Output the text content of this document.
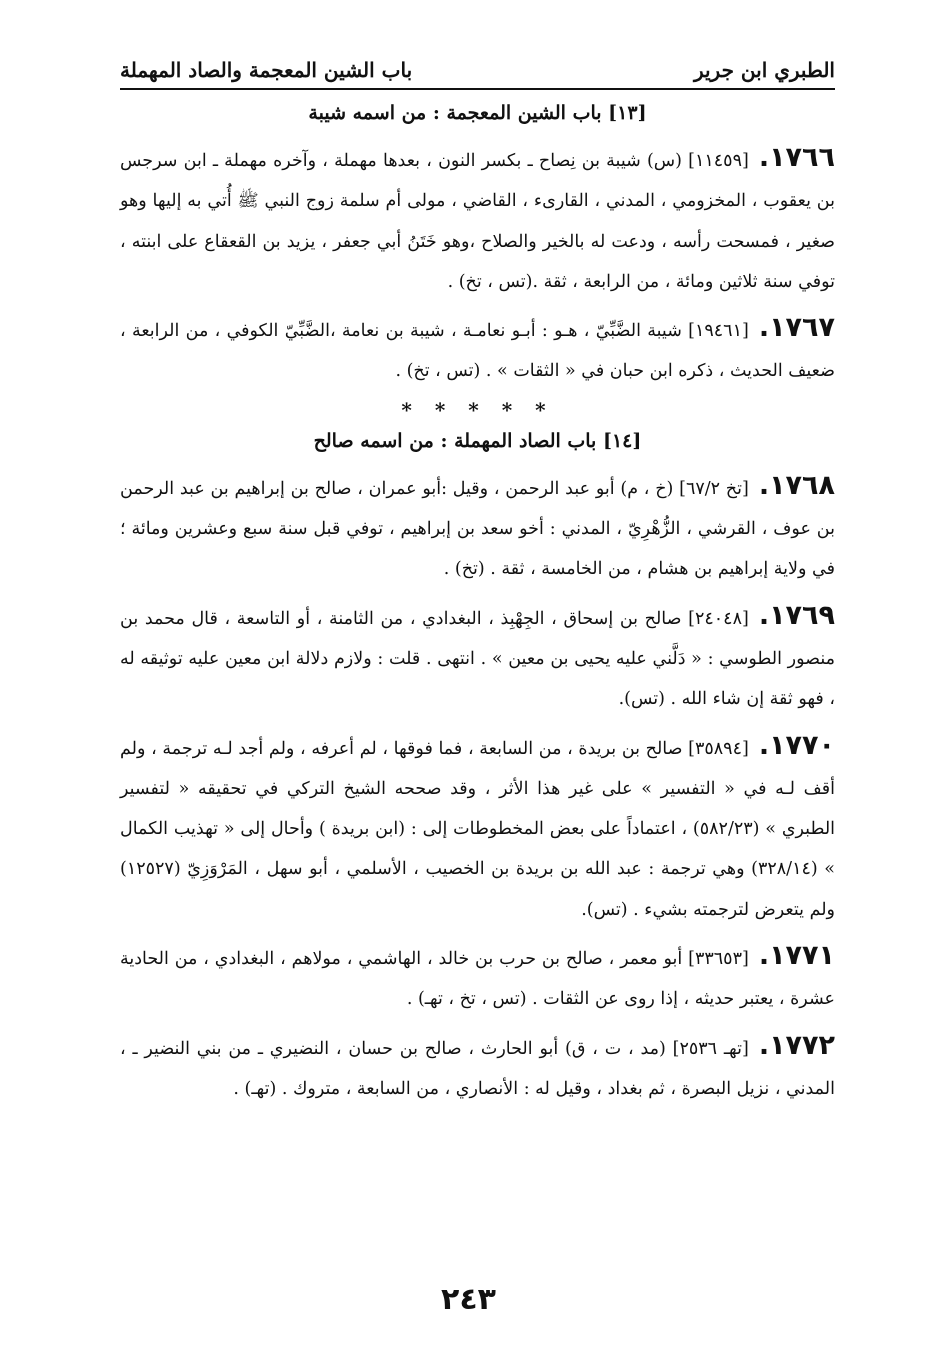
الطبري ابن جرير
باب الشين المعجمة والصاد المهملة
[١٣] باب الشين المعجمة : من اسمه شيبة

١٧٦٦.[١١٤٥٩] (س) شيبة بن نِصاح ـ بكسر النون ، بعدها مهملة ، وآخره مهملة ـ ابن سرجس بن يعقوب ، المخزومي ، المدني ، القارىء ، القاضي ، مولى أم سلمة زوج النبي ﷺ أُتي به إليها وهو صغير ، فمسحت رأسه ، ودعت له بالخير والصلاح ،وهو خَتَنُ أبي جعفر ، يزيد بن القعقاع على ابنته ، توفي سنة ثلاثين ومائة ، من الرابعة ، ثقة .(تس ، تخ) .

١٧٦٧.[١٩٤٦١] شيبة الضَّبِّيّ ، هـو : أبـو نعامـة ، شيبة بن نعامة ،الضَّبِّيّ الكوفي ، من الرابعة ، ضعيف الحديث ، ذكره ابن حبان في « الثقات » . (تس ، تخ) .

* * * * *
[١٤] باب الصاد المهملة : من اسمه صالح

١٧٦٨.[تخ ٦٧/٢] (خ ، م) أبو عبد الرحمن ، وقيل :أبو عمران ، صالح بن إبراهيم بن عبد الرحمن بن عوف ، القرشي ، الزُّهْرِيّ ، المدني : أخو سعد بن إبراهيم ، توفي قبل سنة سبع وعشرين ومائة ؛ في ولاية إبراهيم بن هشام ، من الخامسة ، ثقة . (تخ) .

١٧٦٩.[٢٤٠٤٨] صالح بن إسحاق ، الجِهْبِذ ، البغدادي ، من الثامنة ، أو التاسعة ، قال محمد بن منصور الطوسي : « دَلَّني عليه يحيى بن معين » . انتهى . قلت : ولازم دلالة ابن معين عليه توثيقه له ، فهو ثقة إن شاء الله . (تس).

١٧٧٠.[٣٥٨٩٤] صالح بن بريدة ، من السابعة ، فما فوقها ، لم أعرفه ، ولم أجد لـه ترجمة ، ولم أقف لـه في « التفسير » على غير هذا الأثر ، وقد صححه الشيخ التركي في تحقيقه « لتفسير الطبري » (٥٨٢/٢٣) ، اعتماداً على بعض المخطوطات إلى : (ابن بريدة ) وأحال إلى « تهذيب الكمال » (٣٢٨/١٤) وهي ترجمة : عبد الله بن بريدة بن الخصيب ، الأسلمي ، أبو سهل ، المَرْوَزِيّ (١٢٥٢٧) ولم يتعرض لترجمته بشيء . (تس).

١٧٧١.[٣٣٦٥٣] أبو معمر ، صالح بن حرب بن خالد ، الهاشمي ، مولاهم ، البغدادي ، من الحادية عشرة ، يعتبر حديثه ، إذا روى عن الثقات . (تس ، تخ ، تهـ) .

١٧٧٢.[تهـ ٢٥٣٦] (مد ، ت ، ق) أبو الحارث ، صالح بن حسان ، النضيري ـ من بني النضير ـ ، المدني ، نزيل البصرة ، ثم بغداد ، وقيل له : الأنصاري ، من السابعة ، متروك . (تهـ) .

٢٤٣
